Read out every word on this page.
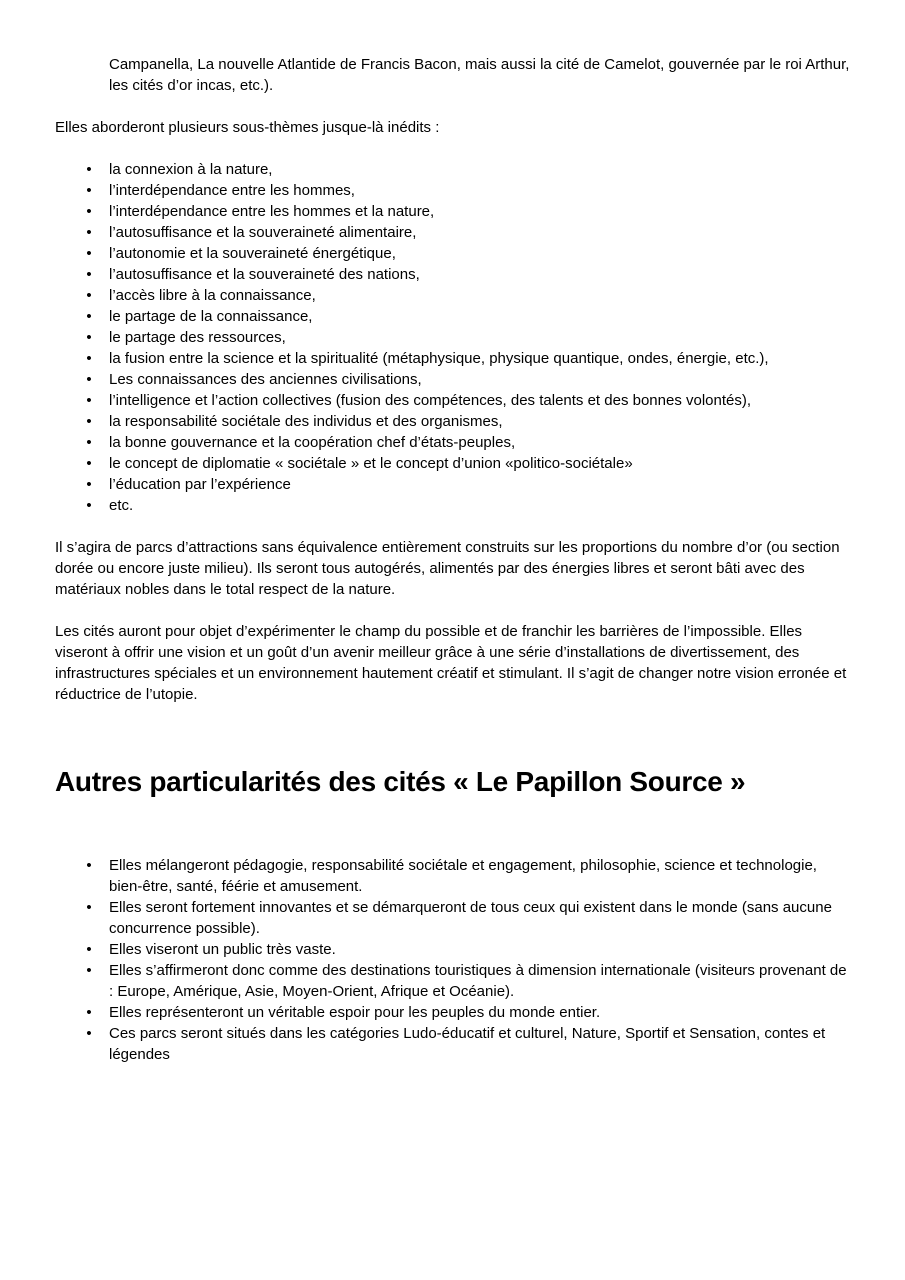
Campanella, La nouvelle Atlantide de Francis Bacon, mais aussi la cité de Camelot, gouvernée par le roi Arthur, les cités d’or incas, etc.).

Elles aborderont plusieurs sous-thèmes jusque-là inédits :

• la connexion à la nature,
• l’interdépendance entre les hommes,
• l’interdépendance entre les hommes et la nature,
• l’autosuffisance et la souveraineté alimentaire,
• l’autonomie et la souveraineté énergétique,
• l’autosuffisance et la souveraineté des nations,
• l’accès libre à la connaissance,
• le partage de la connaissance,
• le partage des ressources,
• la fusion entre la science et la spiritualité (métaphysique, physique quantique, ondes, énergie, etc.),
• Les connaissances des anciennes civilisations,
• l’intelligence et l’action collectives (fusion des compétences, des talents et des bonnes volontés),
• la responsabilité sociétale des individus et des organismes,
• la bonne gouvernance et la coopération chef d’états-peuples,
• le concept de diplomatie « sociétale » et le concept d’union «politico-sociétale»
• l’éducation par l’expérience
• etc.

Il s’agira de parcs d’attractions sans équivalence entièrement construits sur les proportions du nombre d’or (ou section dorée ou encore juste milieu). Ils seront tous autogérés, alimentés par des énergies libres et seront bâti avec des matériaux nobles dans le total respect de la nature.

Les cités auront pour objet d’expérimenter le champ du possible et de franchir les barrières de l’impossible. Elles viseront à offrir une vision et un goût d’un avenir meilleur grâce à une série d’installations de divertissement, des infrastructures spéciales et un environnement hautement créatif et stimulant. Il s’agit de changer notre vision erronée et réductrice de l’utopie.

Autres particularités des cités « Le Papillon Source »
• Elles mélangeront pédagogie, responsabilité sociétale et engagement, philosophie, science et technologie, bien-être, santé, féérie et amusement.
• Elles seront fortement innovantes et se démarqueront de tous ceux qui existent dans le monde (sans aucune concurrence possible).
• Elles viseront un public très vaste.
• Elles s’affirmeront donc comme des destinations touristiques à dimension internationale (visiteurs provenant de : Europe, Amérique, Asie, Moyen-Orient, Afrique et Océanie).
• Elles représenteront un véritable espoir pour les peuples du monde entier.
• Ces parcs seront situés dans les catégories Ludo-éducatif et culturel, Nature, Sportif et Sensation, contes et légendes
